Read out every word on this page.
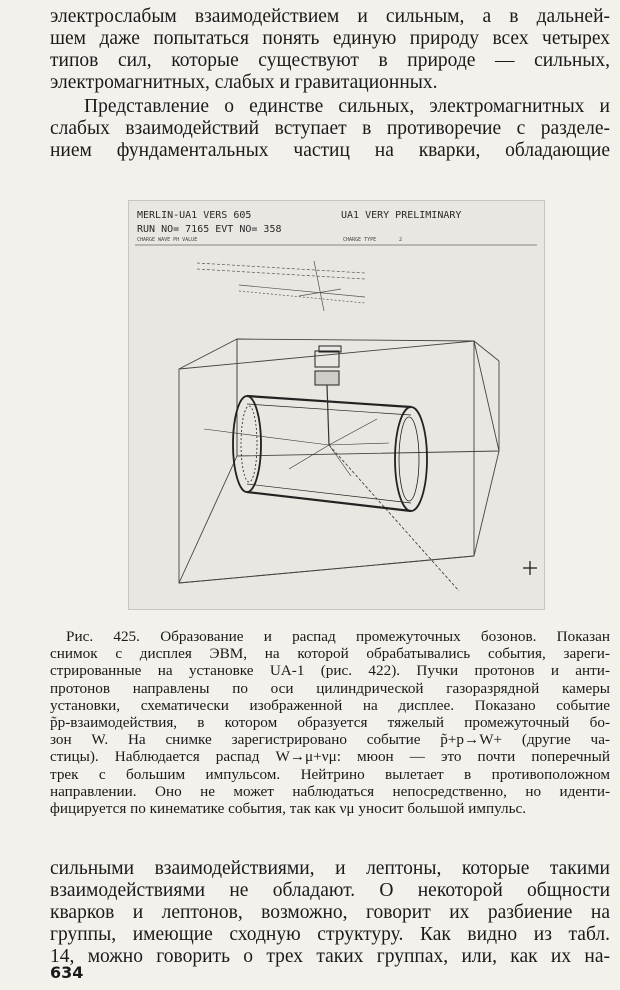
электрослабым взаимодействием и сильным, а в дальней-
шем даже попытаться понять единую природу всех четырех
типов сил, которые существуют в природе — сильных,
электромагнитных, слабых и гравитационных.
Представление о единстве сильных, электромагнитных и
слабых взаимодействий вступает в противоречие с разделе-
нием фундаментальных частиц на кварки, обладающие
MERLIN-UA1 VERS 605	UA1 VERY PRELIMINARY
RUN NO= 7165 EVT NO= 358
CHARGE WAVE PH VALUE	CHARGE TYPE	2
Рис. 425. Образование и распад промежуточных бозонов. Показан
снимок с дисплея ЭВМ, на которой обрабатывались события, зареги-
стрированные на установке UA-1 (рис. 422). Пучки протонов и анти-
протонов направлены по оси цилиндрической газоразрядной камеры
установки, схематически изображенной на дисплее. Показано событие
p̃p-взаимодействия, в котором образуется тяжелый промежуточный бо-
зон W. На снимке зарегистрировано событие p̃+p→W+ (другие ча-
стицы). Наблюдается распад W→μ+νμ: мюон — это почти поперечный
трек с большим импульсом. Нейтрино вылетает в противоположном
направлении. Оно не может наблюдаться непосредственно, но иденти-
фицируется по кинематике события, так как νμ уносит большой импульс.
сильными взаимодействиями, и лептоны, которые такими
взаимодействиями не обладают. О некоторой общности
кварков и лептонов, возможно, говорит их разбиение на
группы, имеющие сходную структуру. Как видно из табл.
14, можно говорить о трех таких группах, или, как их на-
634
